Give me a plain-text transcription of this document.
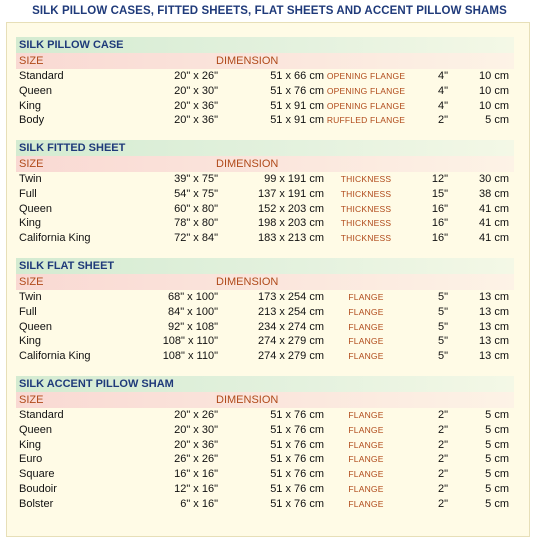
SILK PILLOW CASES, FITTED SHEETS, FLAT SHEETS AND ACCENT PILLOW SHAMS
SILK PILLOW CASE
SIZE	DIMENSION
Standard	20" x 26"	51 x 66 cm OPENING FLANGE	4"	10 cm
Queen	20" x 30"	51 x 76 cm OPENING FLANGE	4"	10 cm
King	20" x 36"	51 x 91 cm OPENING FLANGE	4"	10 cm
Body	20" x 36"	51 x 91 cm RUFFLED FLANGE	2"	5 cm
SILK FITTED SHEET
SIZE	DIMENSION
Twin	39" x 75"	99 x 191 cm	THICKNESS	12"	30 cm
Full	54" x 75"	137 x 191 cm	THICKNESS	15"	38 cm
Queen	60" x 80"	152 x 203 cm	THICKNESS	16"	41 cm
King	78" x 80"	198 x 203 cm	THICKNESS	16"	41 cm
California King	72" x 84"	183 x 213 cm	THICKNESS	16"	41 cm
SILK FLAT SHEET
SIZE	DIMENSION
Twin	68" x 100"	173 x 254 cm	FLANGE	5"	13 cm
Full	84" x 100"	213 x 254 cm	FLANGE	5"	13 cm
Queen	92" x 108"	234 x 274 cm	FLANGE	5"	13 cm
King	108" x 110"	274 x 279 cm	FLANGE	5"	13 cm
California King	108" x 110"	274 x 279 cm	FLANGE	5"	13 cm
SILK ACCENT PILLOW SHAM
SIZE	DIMENSION
Standard	20" x 26"	51 x 76 cm	FLANGE	2"	5 cm
Queen	20" x 30"	51 x 76 cm	FLANGE	2"	5 cm
King	20" x 36"	51 x 76 cm	FLANGE	2"	5 cm
Euro	26" x 26"	51 x 76 cm	FLANGE	2"	5 cm
Square	16" x 16"	51 x 76 cm	FLANGE	2"	5 cm
Boudoir	12" x 16"	51 x 76 cm	FLANGE	2"	5 cm
Bolster	6" x 16"	51 x 76 cm	FLANGE	2"	5 cm
